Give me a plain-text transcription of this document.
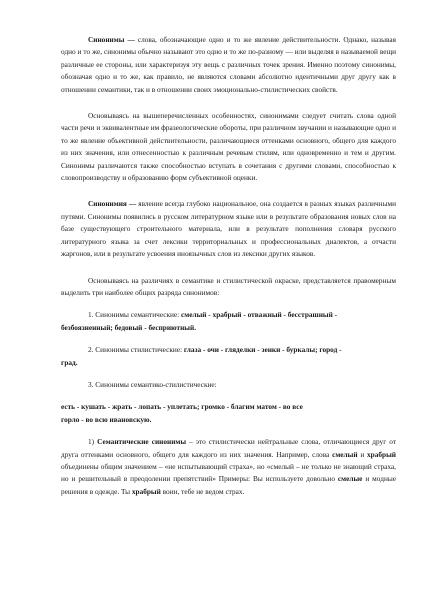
Синонимы — слова, обозначающие одно и то же явление действительности. Однако, называя одно и то же, синонимы обычно называют это одно и то же по-разному — или выделяя в называемой вещи различные ее стороны, или характеризуя эту вещь с различных точек зрения. Именно поэтому синонимы, обозначая одно и то же, как правило, не являются словами абсолютно идентичными друг другу как в отношении семантики, так и в отношении своих эмоционально-стилистических свойств.

Основываясь на вышеперечисленных особенностях, синонимами следует считать слова одной части речи и эквивалентные им фразеологические обороты, при различном звучании и называющие одно и то же явление объективной действительности, различающиеся оттенками основного, общего для каждого из них значения, или отнесенностью к различным речевым стилям, или одновременно и тем и другим. Синонимы различаются также способностью вступать в сочетания с другими словами, способностью к словопроизводству и образованию форм субъективной оценки.

Синонимия — явление всегда глубоко национальное, она создается в разных языках различными путями. Синонимы появились в русском литературном языке или в результате образования новых слов на базе существующего строительного материала, или в результате пополнения словаря русского литературного языка за счет лексики территориальных и профессиональных диалектов, а отчасти жаргонов, или в результате усвоения иноязычных слов из лексики других языков.

Основываясь на различиях в семантике и стилистической окраске, представляется правомерным выделить три наиболее общих разряда синонимов:

1. Синонимы семантические: смелый - храбрый - отважный - бесстрашный -

безбоязненный; бедовый - бесприютный.

2. Синонимы стилистические: глаза - очи - гляделки - зенки - буркалы; город -

град.

3. Синонимы семантико-стилистические:

есть - кушать - жрать - лопать - уплетать; громко - благим матом - во все

горло - во всю ивановскую.

1) Семантические синонимы – это стилистически нейтральные слова, отличающиеся друг от друга оттенками основного, общего для каждого из них значения. Например, слова смелый и храбрый объединены общим значением – «не испытывающий страха», но «смелый – не только не знающий страха, но и решительный в преодолении препятствий» Примеры: Вы используете довольно смелые и модные решения в одежде. Ты храбрый воин, тебе не ведом страх.
